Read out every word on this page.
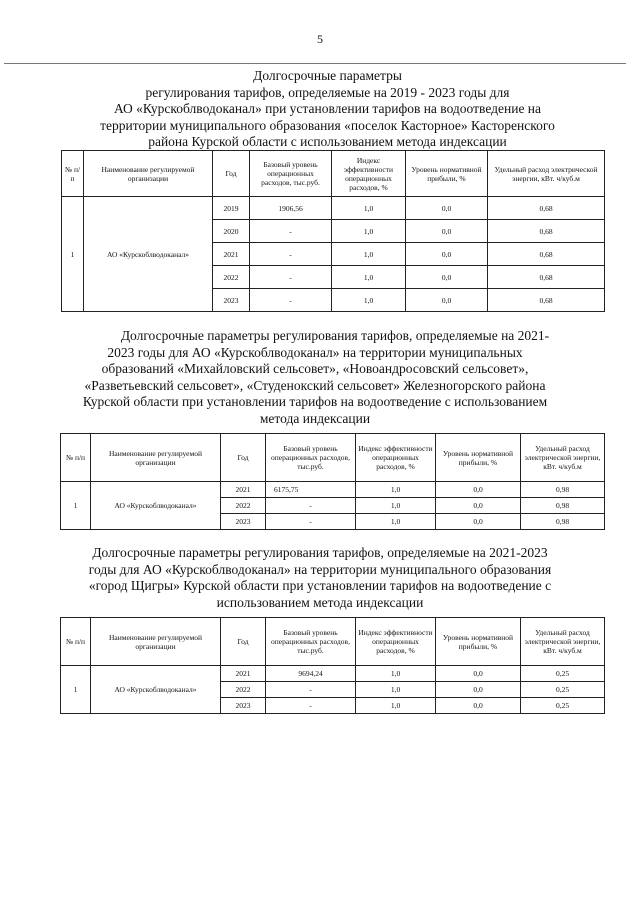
5
Долгосрочные параметры
регулирования тарифов, определяемые на 2019 - 2023 годы для
АО «Курскоблводоканал» при установлении тарифов на водоотведение на
территории муниципального образования «поселок Касторное» Касторенского
района Курской области с использованием метода индексации
№ п/ п	Наименование регулируемой организации	Год	Базовый уровень операционных расходов, тыс.руб.	Индекс эффективности операционных расходов, %	Уровень нормативной прибыли, %	Удельный расход электрической энергии, кВт. ч/куб.м
1	АО «Курскоблводоканал»	2019	1906,56	1,0	0,0	0,68
		2020	-	1,0	0,0	0,68
		2021	-	1,0	0,0	0,68
		2022	-	1,0	0,0	0,68
		2023	-	1,0	0,0	0,68
Долгосрочные параметры регулирования тарифов, определяемые на 2021-
2023 годы для АО «Курскоблводоканал» на территории муниципальных
образований «Михайловский сельсовет», «Новоандросовский сельсовет»,
«Разветьевский сельсовет», «Студенокский сельсовет» Железногорского района
Курской области при установлении тарифов на водоотведение с использованием
метода индексации
№ п/п	Наименование регулируемой организации	Год	Базовый уровень операционных расходов, тыс.руб.	Индекс эффективности операционных расходов, %	Уровень нормативной прибыли, %	Удельный расход электрической энергии, кВт. ч/куб.м
1	АО «Курскоблводоканал»	2021	6175,75	1,0	0,0	0,98
		2022	-	1,0	0,0	0,98
		2023	-	1,0	0,0	0,98
Долгосрочные параметры регулирования тарифов, определяемые на 2021-2023
годы для АО «Курскоблводоканал» на территории муниципального образования
«город Щигры» Курской области при установлении тарифов на водоотведение с
использованием метода индексации
№ п/п	Наименование регулируемой организации	Год	Базовый уровень операционных расходов, тыс.руб.	Индекс эффективности операционных расходов, %	Уровень нормативной прибыли, %	Удельный расход электрической энергии, кВт. ч/куб.м
1	АО «Курскоблводоканал»	2021	9694,24	1,0	0,0	0,25
		2022	-	1,0	0,0	0,25
		2023	-	1,0	0,0	0,25
